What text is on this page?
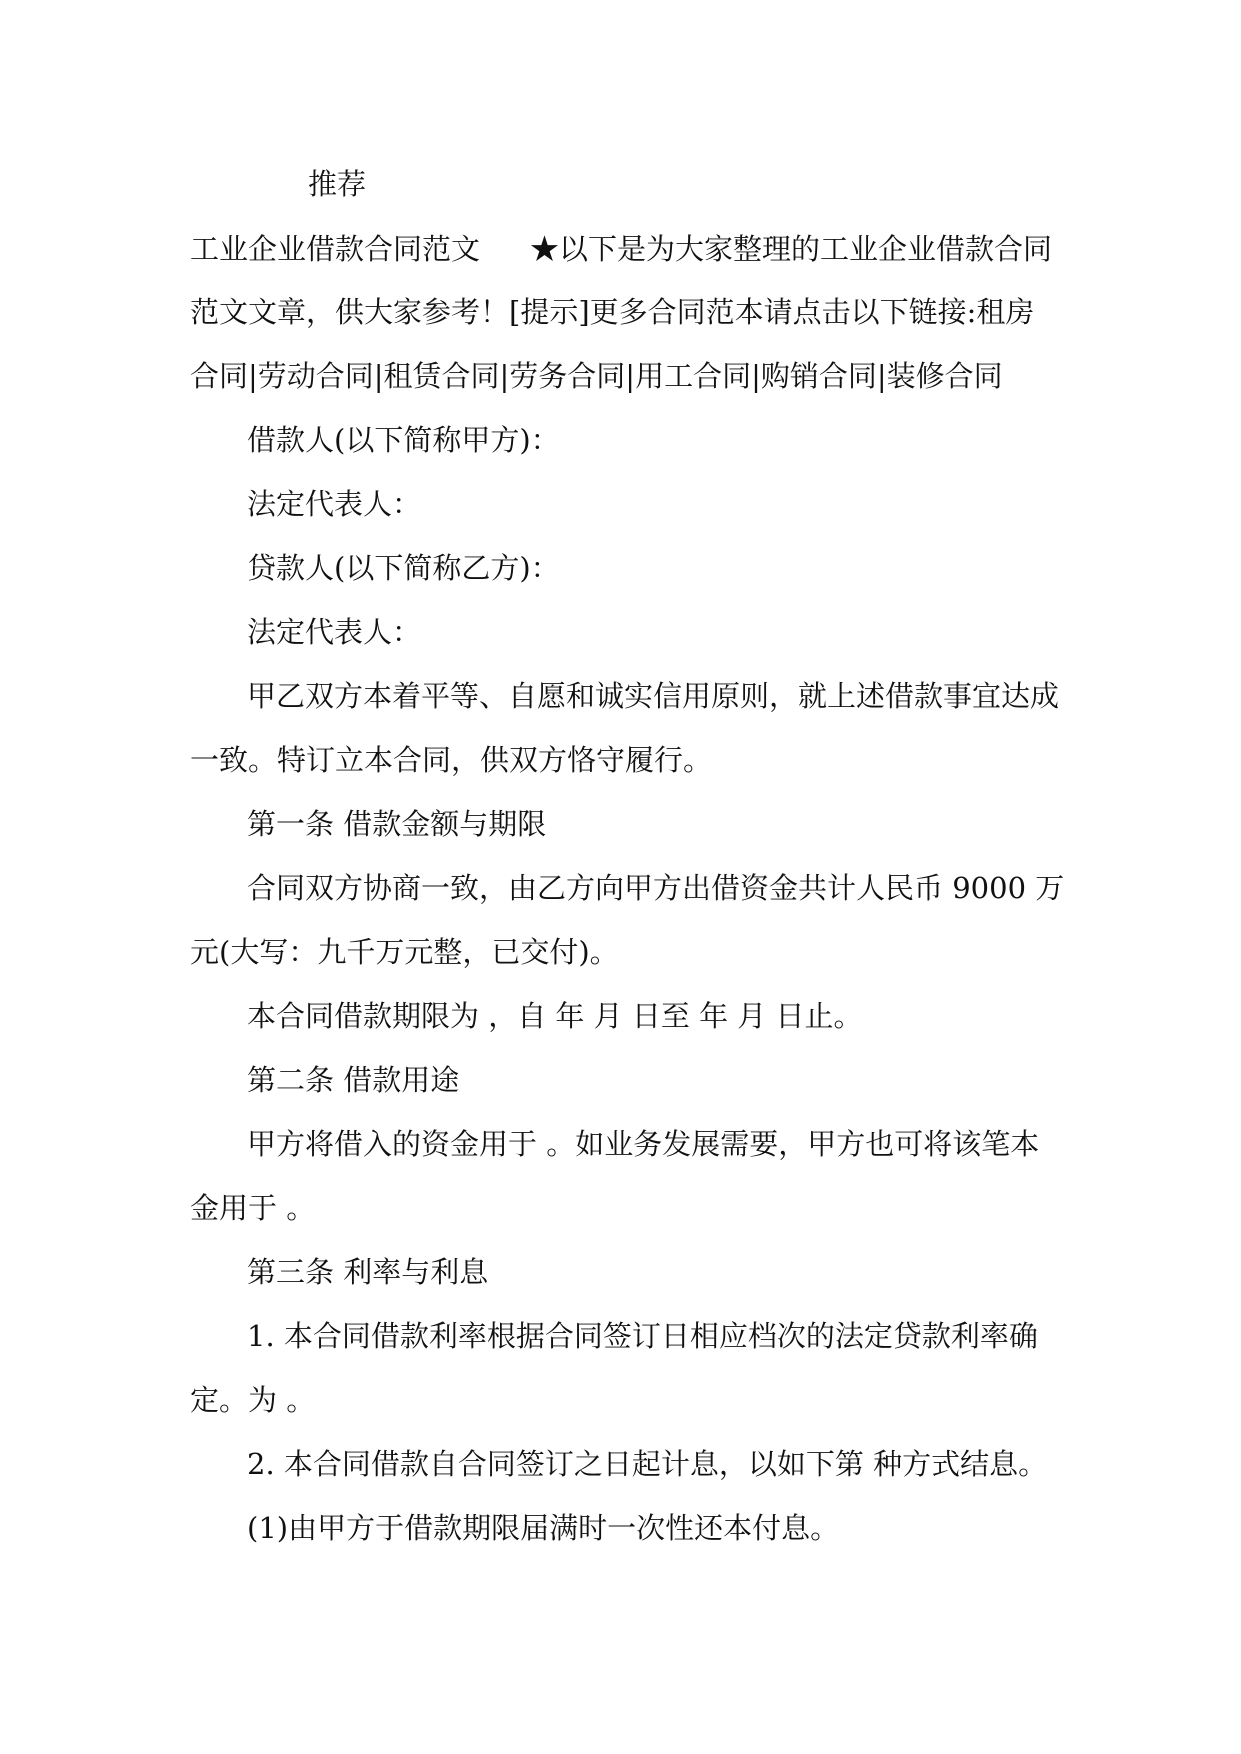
推荐

工业企业借款合同范文 ★以下是为大家整理的工业企业借款合同

范文文章，供大家参考！[提示]更多合同范本请点击以下链接:租房

合同|劳动合同|租赁合同|劳务合同|用工合同|购销合同|装修合同

借款人(以下简称甲方)：

法定代表人：

贷款人(以下简称乙方)：

法定代表人：

甲乙双方本着平等、自愿和诚实信用原则，就上述借款事宜达成

一致。特订立本合同，供双方恪守履行。

第一条 借款金额与期限

合同双方协商一致，由乙方向甲方出借资金共计人民币 9000 万

元(大写：九千万元整，已交付)。

本合同借款期限为 ，自 年 月 日至 年 月 日止。

第二条 借款用途

甲方将借入的资金用于 。如业务发展需要，甲方也可将该笔本

金用于 。

第三条 利率与利息

1. 本合同借款利率根据合同签订日相应档次的法定贷款利率确

定。为 。

2. 本合同借款自合同签订之日起计息，以如下第 种方式结息。

(1)由甲方于借款期限届满时一次性还本付息。
